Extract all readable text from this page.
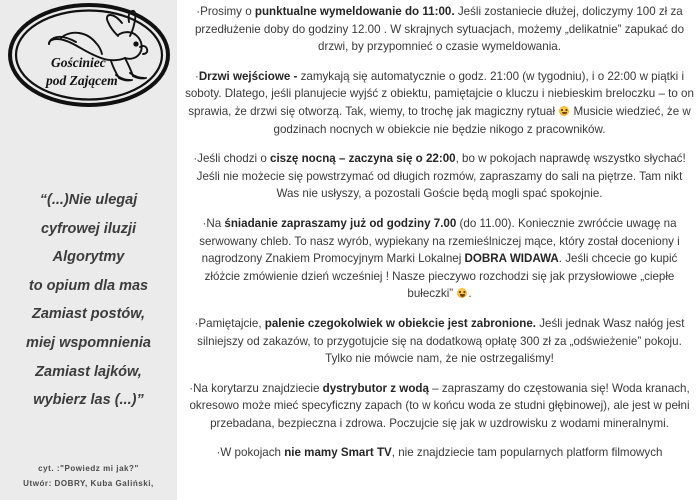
Gościniec
pod Zającem
“(...)Nie ulegaj
cyfrowej iluzji
Algorytmy
to opium dla mas
Zamiast postów,
miej wspomnienia
Zamiast lajków,
wybierz las (...)”
cyt. :"Powiedz mi jak?"
Utwór: DOBRY, Kuba Galiński,

·Prosimy o punktualne wymeldowanie do 11:00. Jeśli zostaniecie dłużej, doliczymy 100 zł za przedłużenie doby do godziny 12.00 . W skrajnych sytuacjach, możemy „delikatnie” zapukać do drzwi, by przypomnieć o czasie wymeldowania.

·Drzwi wejściowe - zamykają się automatycznie o godz. 21:00 (w tygodniu), i o 22:00 w piątki i soboty. Dlatego, jeśli planujecie wyjść z obiektu, pamiętajcie o kluczu i niebieskim breloczku – to on sprawia, że drzwi się otworzą. Tak, wiemy, to trochę jak magiczny rytuał  Musicie wiedzieć, że w godzinach nocnych w obiekcie nie będzie nikogo z pracowników.

·Jeśli chodzi o ciszę nocną – zaczyna się o 22:00, bo w pokojach naprawdę wszystko słychać! Jeśli nie możecie się powstrzymać od długich rozmów, zapraszamy do sali na piętrze. Tam nikt Was nie usłyszy, a pozostali Goście będą mogli spać spokojnie.

·Na śniadanie zapraszamy już od godziny 7.00 (do 11.00). Koniecznie zwróćcie uwagę na serwowany chleb. To nasz wyrób, wypiekany na rzemieślniczej mące, który został doceniony i nagrodzony Znakiem Promocyjnym Marki Lokalnej DOBRA WIDAWA. Jeśli chcecie go kupić złóżcie zmówienie dzień wcześniej ! Nasze pieczywo rozchodzi się jak przysłowiowe „ciepłe bułeczki” .

·Pamiętajcie, palenie czegokolwiek w obiekcie jest zabronione. Jeśli jednak Wasz nałóg jest silniejszy od zakazów, to przygotujcie się na dodatkową opłatę 300 zł za „odświeżenie” pokoju. Tylko nie mówcie nam, że nie ostrzegaliśmy!

·Na korytarzu znajdziecie dystrybutor z wodą – zapraszamy do częstowania się! Woda kranach, okresowo może mieć specyficzny zapach (to w końcu woda ze studni głębinowej), ale jest w pełni przebadana, bezpieczna i zdrowa. Poczujcie się jak w uzdrowisku z wodami mineralnymi.

·W pokojach nie mamy Smart TV, nie znajdziecie tam popularnych platform filmowych
